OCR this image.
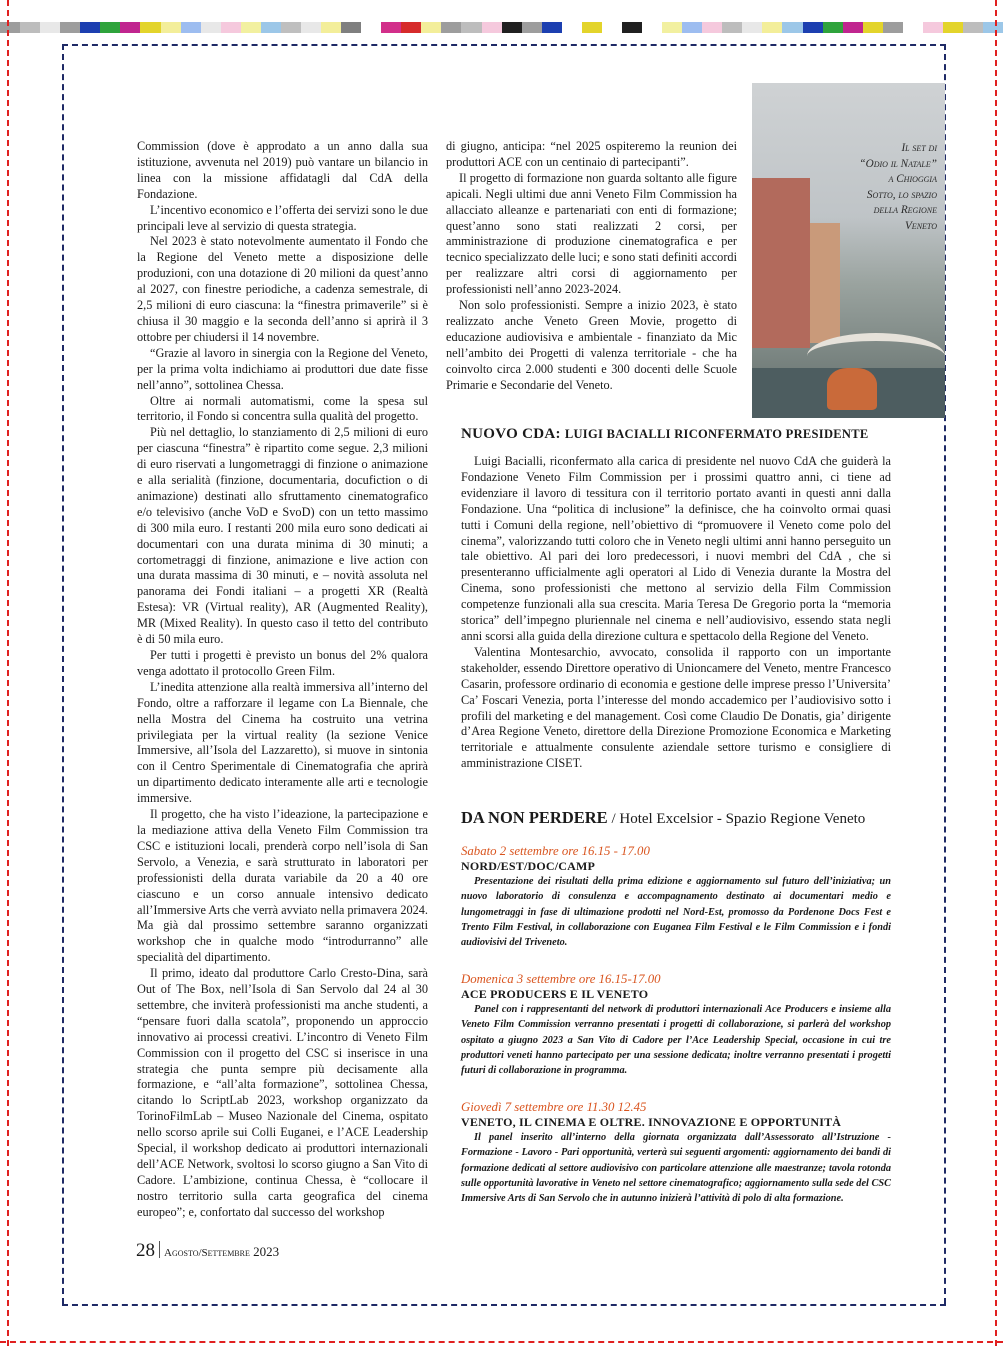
Commission (dove è approdato a un anno dalla sua istituzione, avvenuta nel 2019) può vantare un bilancio in linea con la missione affidatagli dal CdA della Fondazione.

L’incentivo economico e l’offerta dei servizi sono le due principali leve al servizio di questa strategia.

Nel 2023 è stato notevolmente aumentato il Fondo che la Regione del Veneto mette a disposizione delle produzioni, con una dotazione di 20 milioni da quest’anno al 2027, con finestre periodiche, a cadenza semestrale, di 2,5 milioni di euro ciascuna: la “finestra primaverile” si è chiusa il 30 maggio e la seconda dell’anno si aprirà il 3 ottobre per chiudersi il 14 novembre.

“Grazie al lavoro in sinergia con la Regione del Veneto, per la prima volta indichiamo ai produttori due date fisse nell’anno”, sottolinea Chessa.

Oltre ai normali automatismi, come la spesa sul territorio, il Fondo si concentra sulla qualità del progetto.

Più nel dettaglio, lo stanziamento di 2,5 milioni di euro per ciascuna “finestra” è ripartito come segue. 2,3 milioni di euro riservati a lungometraggi di finzione o animazione e alla serialità (finzione, documentaria, docufiction o di animazione) destinati allo sfruttamento cinematografico e/o televisivo (anche VoD e SvoD) con un tetto massimo di 300 mila euro. I restanti 200 mila euro sono dedicati ai documentari con una durata minima di 30 minuti; a cortometraggi di finzione, animazione e live action con una durata massima di 30 minuti, e – novità assoluta nel panorama dei Fondi italiani – a progetti XR (Realtà Estesa): VR (Virtual reality), AR (Augmented Reality), MR (Mixed Reality). In questo caso il tetto del contributo è di 50 mila euro.

Per tutti i progetti è previsto un bonus del 2% qualora venga adottato il protocollo Green Film.

L’inedita attenzione alla realtà immersiva all’interno del Fondo, oltre a rafforzare il legame con La Biennale, che nella Mostra del Cinema ha costruito una vetrina privilegiata per la virtual reality (la sezione Venice Immersive, all’Isola del Lazzaretto), si muove in sintonia con il Centro Sperimentale di Cinematografia che aprirà un dipartimento dedicato interamente alle arti e tecnologie immersive.

Il progetto, che ha visto l’ideazione, la partecipazione e la mediazione attiva della Veneto Film Commission tra CSC e istituzioni locali, prenderà corpo nell’isola di San Servolo, a Venezia, e sarà strutturato in laboratori per professionisti della durata variabile da 20 a 40 ore ciascuno e un corso annuale intensivo dedicato all’Immersive Arts che verrà avviato nella primavera 2024. Ma già dal prossimo settembre saranno organizzati workshop che in qualche modo “introdurranno” alle specialità del dipartimento.

Il primo, ideato dal produttore Carlo Cresto-Dina, sarà Out of The Box, nell’Isola di San Servolo dal 24 al 30 settembre, che inviterà professionisti ma anche studenti, a “pensare fuori dalla scatola”, proponendo un approccio innovativo ai processi creativi. L’incontro di Veneto Film Commission con il progetto del CSC si inserisce in una strategia che punta sempre più decisamente alla formazione, e “all’alta formazione”, sottolinea Chessa, citando lo ScriptLab 2023, workshop organizzato da TorinoFilmLab – Museo Nazionale del Cinema, ospitato nello scorso aprile sui Colli Euganei, e l’ACE Leadership Special, il workshop dedicato ai produttori internazionali dell’ACE Network, svoltosi lo scorso giugno a San Vito di Cadore. L’ambizione, continua Chessa, è “collocare il nostro territorio sulla carta geografica del cinema europeo”; e, confortato dal successo del workshop

di giugno, anticipa: “nel 2025 ospiteremo la reunion dei produttori ACE con un centinaio di partecipanti”.

Il progetto di formazione non guarda soltanto alle figure apicali. Negli ultimi due anni Veneto Film Commission ha allacciato alleanze e partenariati con enti di formazione; quest’anno sono stati realizzati 2 corsi, per amministrazione di produzione cinematografica e per tecnico specializzato delle luci; e sono stati definiti accordi per realizzare altri corsi di aggiornamento per professionisti nell’anno 2023-2024.

Non solo professionisti. Sempre a inizio 2023, è stato realizzato anche Veneto Green Movie, progetto di educazione audiovisiva e ambientale - finanziato da Mic nell’ambito dei Progetti di valenza territoriale - che ha coinvolto circa 2.000 studenti e 300 docenti delle Scuole Primarie e Secondarie del Veneto.

Il set di
“Odio il Natale”
a Chioggia
Sotto, lo spazio
della Regione
Veneto
NUOVO CDA: LUIGI BACIALLI RICONFERMATO PRESIDENTE

Luigi Bacialli, riconfermato alla carica di presidente nel nuovo CdA che guiderà la Fondazione Veneto Film Commission per i prossimi quattro anni, ci tiene ad evidenziare il lavoro di tessitura con il territorio portato avanti in questi anni dalla Fondazione. Una “politica di inclusione” la definisce, che ha coinvolto ormai quasi tutti i Comuni della regione, nell’obiettivo di “promuovere il Veneto come polo del cinema”, valorizzando tutti coloro che in Veneto negli ultimi anni hanno perseguito un tale obiettivo. Al pari dei loro predecessori, i nuovi membri del CdA , che si presenteranno ufficialmente agli operatori al Lido di Venezia durante la Mostra del Cinema, sono professionisti che mettono al servizio della Film Commission competenze funzionali alla sua crescita. Maria Teresa De Gregorio porta la “memoria storica” dell’impegno pluriennale nel cinema e nell’audiovisivo, essendo stata negli anni scorsi alla guida della direzione cultura e spettacolo della Regione del Veneto.

Valentina Montesarchio, avvocato, consolida il rapporto con un importante stakeholder, essendo Direttore operativo di Unioncamere del Veneto, mentre Francesco Casarin, professore ordinario di economia e gestione delle imprese presso l’Universita’ Ca’ Foscari Venezia, porta l’interesse del mondo accademico per l’audiovisivo sotto i profili del marketing e del management. Così come Claudio De Donatis, gia’ dirigente d’Area Regione Veneto, direttore della Direzione Promozione Economica e Marketing territoriale e attualmente consulente aziendale settore turismo e consigliere di amministrazione CISET.

DA NON PERDERE / Hotel Excelsior - Spazio Regione Veneto
Sabato 2 settembre ore 16.15 - 17.00
NORD/EST/DOC/CAMP
Presentazione dei risultati della prima edizione e aggiornamento sul futuro dell’iniziativa; un nuovo laboratorio di consulenza e accompagnamento destinato ai documentari medio e lungometraggi in fase di ultimazione prodotti nel Nord-Est, promosso da Pordenone Docs Fest e Trento Film Festival, in collaborazione con Euganea Film Festival e le Film Commission e i fondi audiovisivi del Triveneto.
Domenica 3 settembre ore 16.15-17.00
ACE PRODUCERS E IL VENETO
Panel con i rappresentanti del network di produttori internazionali Ace Producers e insieme alla Veneto Film Commission verranno presentati i progetti di collaborazione, si parlerà del workshop ospitato a giugno 2023 a San Vito di Cadore per l’Ace Leadership Special, occasione in cui tre produttori veneti hanno partecipato per una sessione dedicata; inoltre verranno presentati i progetti futuri di collaborazione in programma.
Giovedì 7 settembre ore 11.30 12.45
VENETO, IL CINEMA E OLTRE. INNOVAZIONE E OPPORTUNITÀ
Il panel inserito all’interno della giornata organizzata dall’Assessorato all’Istruzione - Formazione - Lavoro - Pari opportunità, verterà sui seguenti argomenti: aggiornamento dei bandi di formazione dedicati al settore audiovisivo con particolare attenzione alle maestranze; tavola rotonda sulle opportunità lavorative in Veneto nel settore cinematografico; aggiornamento sulla sede del CSC Immersive Arts di San Servolo che in autunno inizierà l’attività di polo di alta formazione.
28 Agosto/Settembre 2023
